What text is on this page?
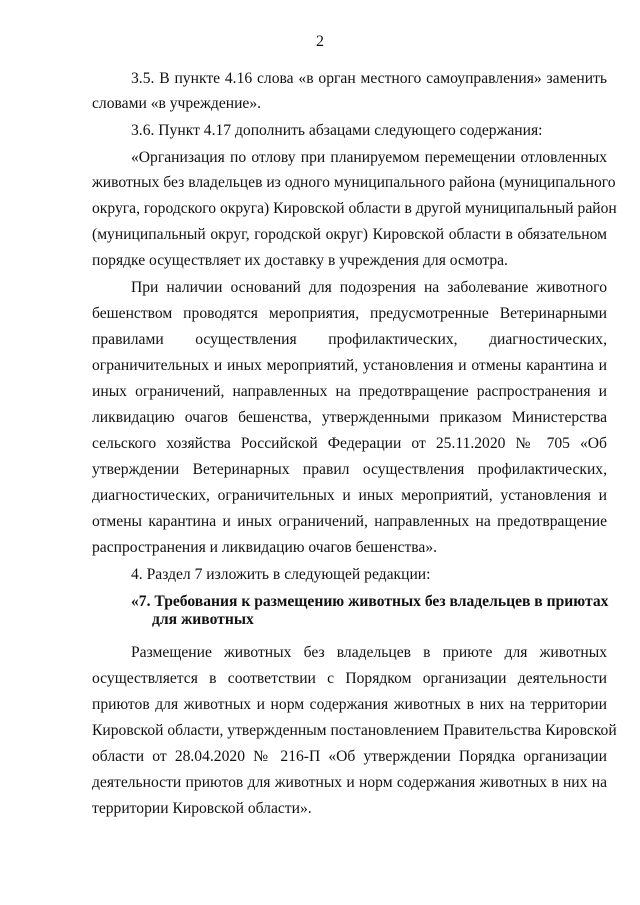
2
3.5. В пункте 4.16 слова «в орган местного самоуправления» заменить
словами «в учреждение».
3.6. Пункт 4.17 дополнить абзацами следующего содержания:
«Организация по отлову при планируемом перемещении отловленных
животных без владельцев из одного муниципального района (муниципального
округа, городского округа) Кировской области в другой муниципальный район
(муниципальный округ, городской округ) Кировской области в обязательном
порядке осуществляет их доставку в учреждения для осмотра.
При наличии оснований для подозрения на заболевание животного
бешенством проводятся мероприятия, предусмотренные Ветеринарными
правилами осуществления профилактических, диагностических,
ограничительных и иных мероприятий, установления и отмены карантина и
иных ограничений, направленных на предотвращение распространения и
ликвидацию очагов бешенства, утвержденными приказом Министерства
сельского хозяйства Российской Федерации от 25.11.2020 № 705 «Об
утверждении Ветеринарных правил осуществления профилактических,
диагностических, ограничительных и иных мероприятий, установления и
отмены карантина и иных ограничений, направленных на предотвращение
распространения и ликвидацию очагов бешенства».
4. Раздел 7 изложить в следующей редакции:
«7. Требования к размещению животных без владельцев в приютах
для животных
Размещение животных без владельцев в приюте для животных
осуществляется в соответствии с Порядком организации деятельности
приютов для животных и норм содержания животных в них на территории
Кировской области, утвержденным постановлением Правительства Кировской
области от 28.04.2020 № 216-П «Об утверждении Порядка организации
деятельности приютов для животных и норм содержания животных в них на
территории Кировской области».
